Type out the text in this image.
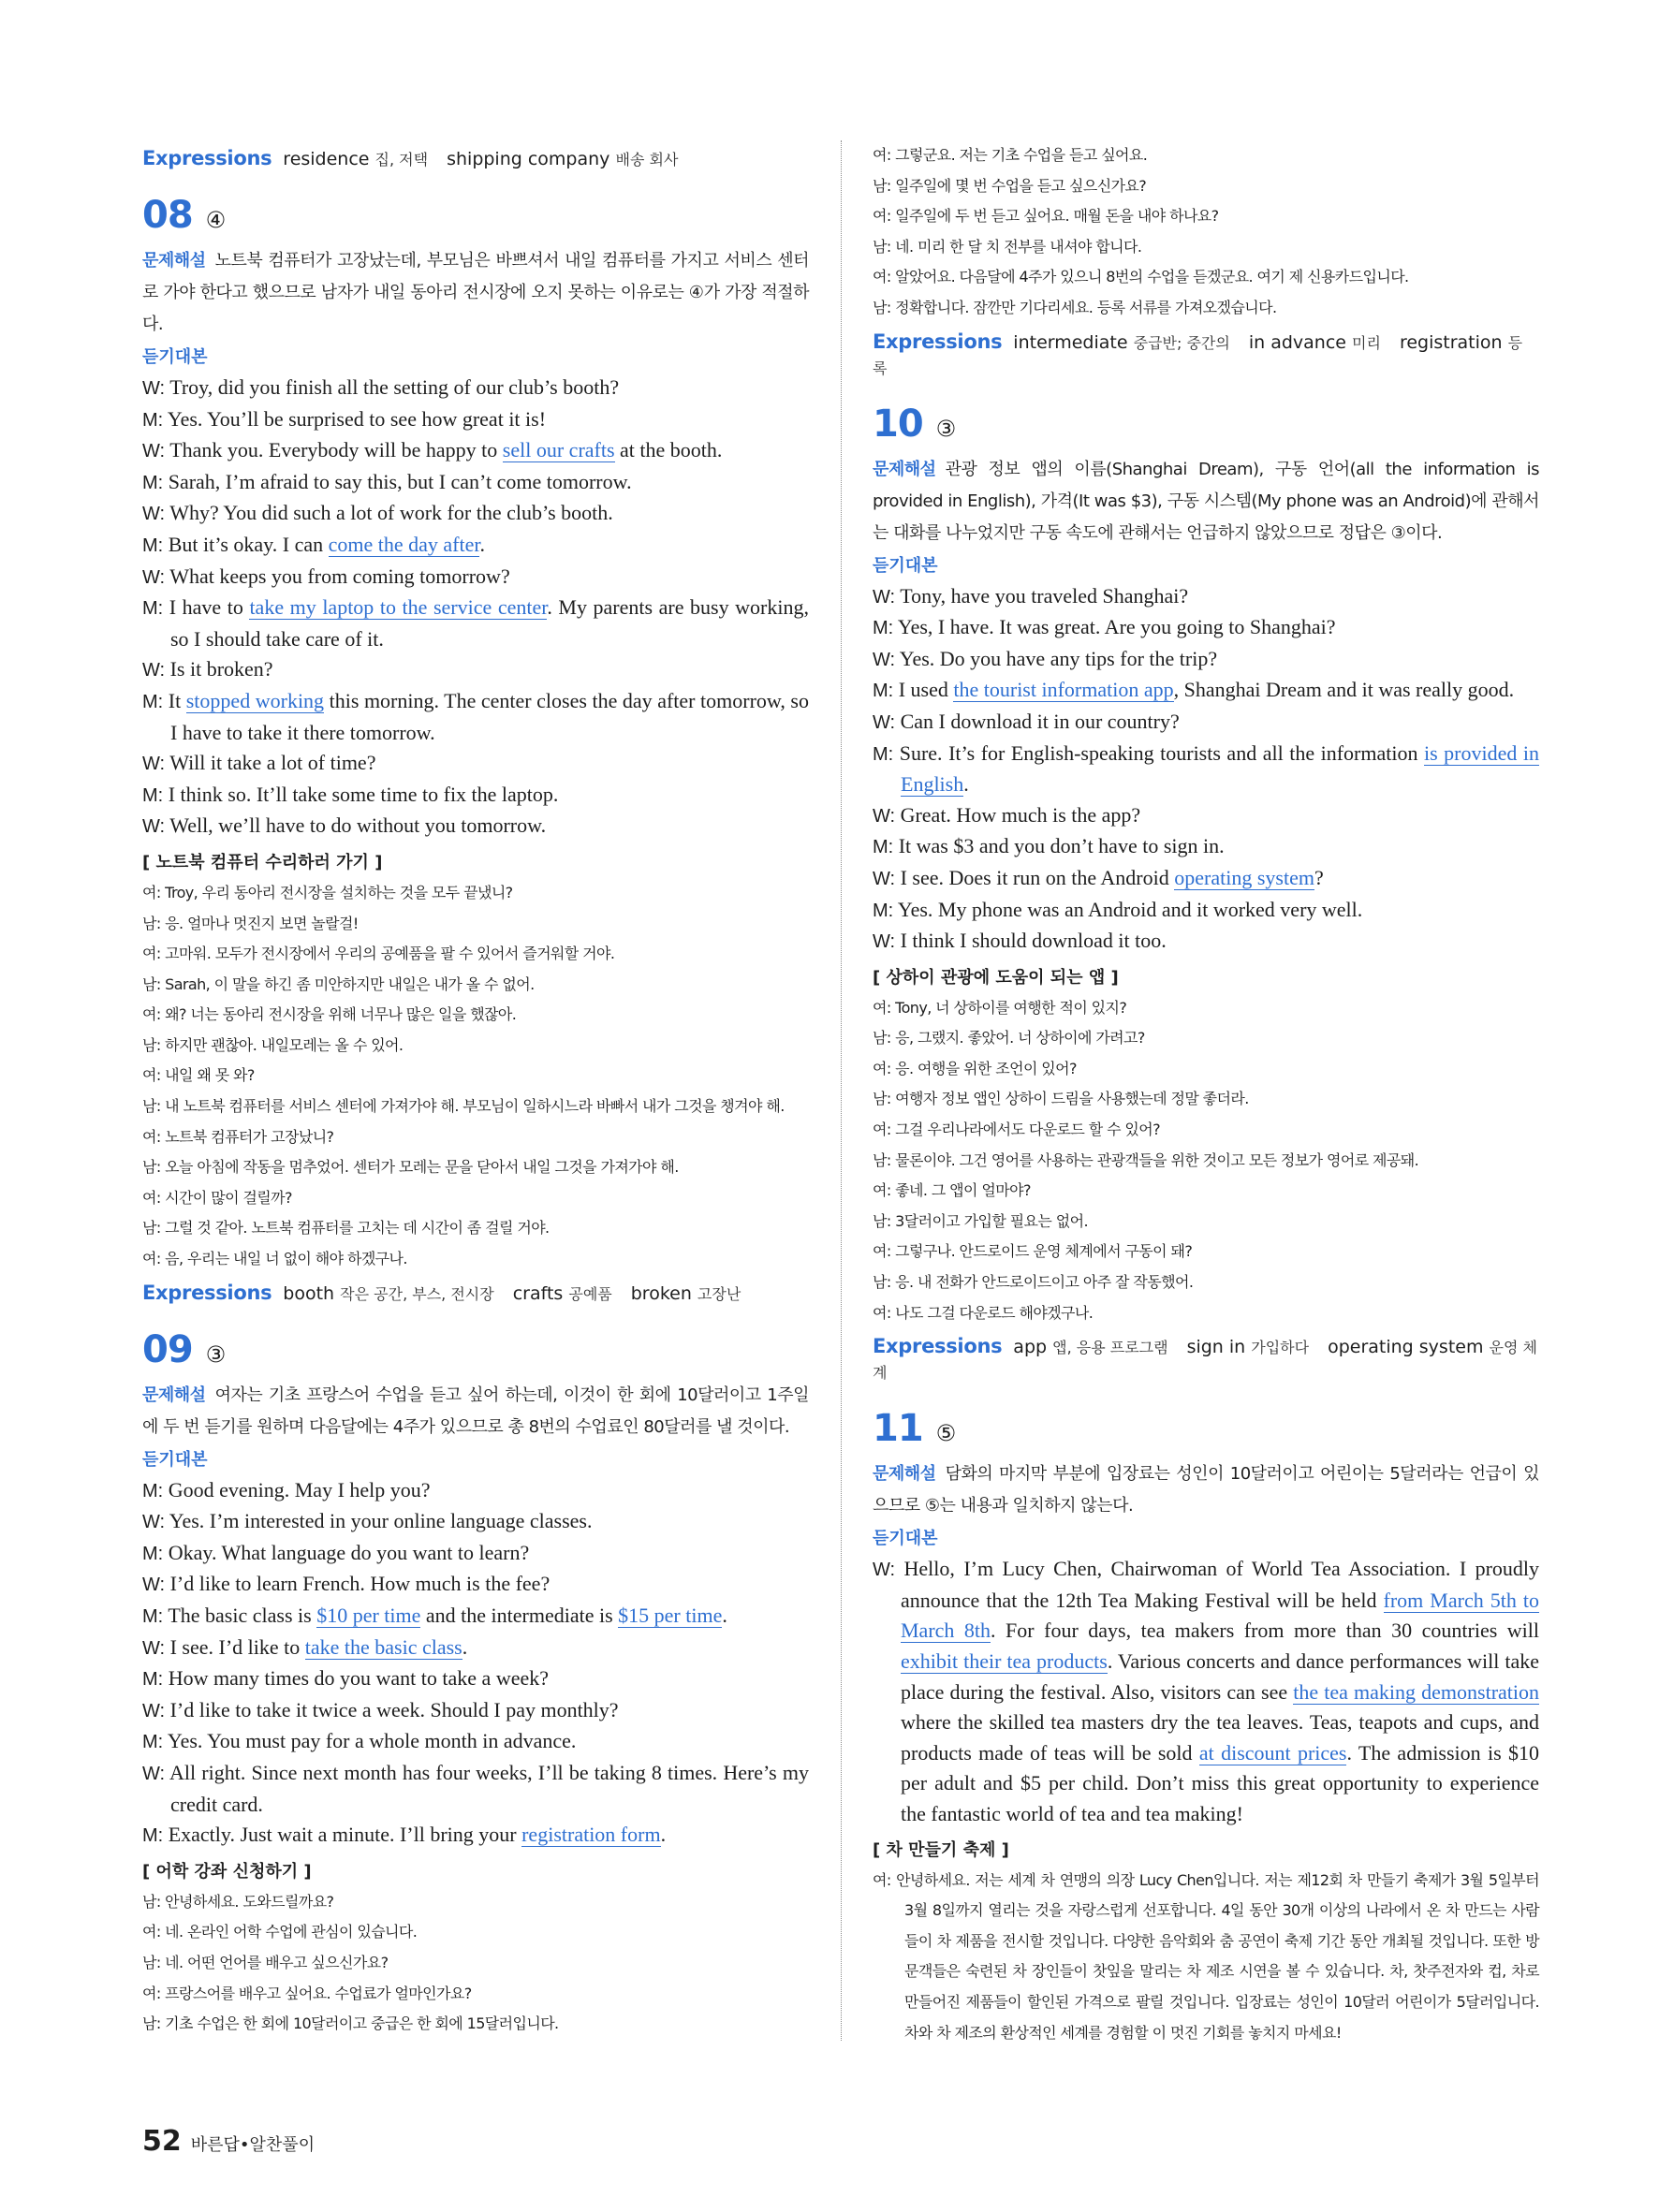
Expressions residence 집, 저택 shipping company 배송 회사
08 ④

문제해설 노트북 컴퓨터가 고장났는데, 부모님은 바쁘셔서 내일 컴퓨터를 가지고 서비스 센터로 가야 한다고 했으므로 남자가 내일 동아리 전시장에 오지 못하는 이유로는 ④가 가장 적절하다.

듣기대본
W: Troy, did you finish all the setting of our club’s booth?
M: Yes. You’ll be surprised to see how great it is!
W: Thank you. Everybody will be happy to sell our crafts at the booth.
M: Sarah, I’m afraid to say this, but I can’t come tomorrow.
W: Why? You did such a lot of work for the club’s booth.
M: But it’s okay. I can come the day after.
W: What keeps you from coming tomorrow?
M: I have to take my laptop to the service center. My parents are busy working, so I should take care of it.
W: Is it broken?
M: It stopped working this morning. The center closes the day after tomorrow, so I have to take it there tomorrow.
W: Will it take a lot of time?
M: I think so. It’ll take some time to fix the laptop.
W: Well, we’ll have to do without you tomorrow.
[ 노트북 컴퓨터 수리하러 가기 ]
여: Troy, 우리 동아리 전시장을 설치하는 것을 모두 끝냈니?
남: 응. 얼마나 멋진지 보면 놀랄걸!
여: 고마워. 모두가 전시장에서 우리의 공예품을 팔 수 있어서 즐거워할 거야.
남: Sarah, 이 말을 하긴 좀 미안하지만 내일은 내가 올 수 없어.
여: 왜? 너는 동아리 전시장을 위해 너무나 많은 일을 했잖아.
남: 하지만 괜찮아. 내일모레는 올 수 있어.
여: 내일 왜 못 와?
남: 내 노트북 컴퓨터를 서비스 센터에 가져가야 해. 부모님이 일하시느라 바빠서 내가 그것을 챙겨야 해.
여: 노트북 컴퓨터가 고장났니?
남: 오늘 아침에 작동을 멈추었어. 센터가 모레는 문을 닫아서 내일 그것을 가져가야 해.
여: 시간이 많이 걸릴까?
남: 그럴 것 같아. 노트북 컴퓨터를 고치는 데 시간이 좀 걸릴 거야.
여: 음, 우리는 내일 너 없이 해야 하겠구나.
Expressions booth 작은 공간, 부스, 전시장 crafts 공예품 broken 고장난
09 ③

문제해설 여자는 기초 프랑스어 수업을 듣고 싶어 하는데, 이것이 한 회에 10달러이고 1주일에 두 번 듣기를 원하며 다음달에는 4주가 있으므로 총 8번의 수업료인 80달러를 낼 것이다.

듣기대본
M: Good evening. May I help you?
W: Yes. I’m interested in your online language classes.
M: Okay. What language do you want to learn?
W: I’d like to learn French. How much is the fee?
M: The basic class is $10 per time and the intermediate is $15 per time.
W: I see. I’d like to take the basic class.
M: How many times do you want to take a week?
W: I’d like to take it twice a week. Should I pay monthly?
M: Yes. You must pay for a whole month in advance.
W: All right. Since next month has four weeks, I’ll be taking 8 times. Here’s my credit card.
M: Exactly. Just wait a minute. I’ll bring your registration form.
[ 어학 강좌 신청하기 ]
남: 안녕하세요. 도와드릴까요?
여: 네. 온라인 어학 수업에 관심이 있습니다.
남: 네. 어떤 언어를 배우고 싶으신가요?
여: 프랑스어를 배우고 싶어요. 수업료가 얼마인가요?
남: 기초 수업은 한 회에 10달러이고 중급은 한 회에 15달러입니다.
여: 그렇군요. 저는 기초 수업을 듣고 싶어요.
남: 일주일에 몇 번 수업을 듣고 싶으신가요?
여: 일주일에 두 번 듣고 싶어요. 매월 돈을 내야 하나요?
남: 네. 미리 한 달 치 전부를 내셔야 합니다.
여: 알았어요. 다음달에 4주가 있으니 8번의 수업을 듣겠군요. 여기 제 신용카드입니다.
남: 정확합니다. 잠깐만 기다리세요. 등록 서류를 가져오겠습니다.
Expressions intermediate 중급반; 중간의 in advance 미리 registration 등록
10 ③

문제해설 관광 정보 앱의 이름(Shanghai Dream), 구동 언어(all the information is provided in English), 가격(It was $3), 구동 시스템(My phone was an Android)에 관해서는 대화를 나누었지만 구동 속도에 관해서는 언급하지 않았으므로 정답은 ③이다.

듣기대본
W: Tony, have you traveled Shanghai?
M: Yes, I have. It was great. Are you going to Shanghai?
W: Yes. Do you have any tips for the trip?
M: I used the tourist information app, Shanghai Dream and it was really good.
W: Can I download it in our country?
M: Sure. It’s for English-speaking tourists and all the information is provided in English.
W: Great. How much is the app?
M: It was $3 and you don’t have to sign in.
W: I see. Does it run on the Android operating system?
M: Yes. My phone was an Android and it worked very well.
W: I think I should download it too.
[ 상하이 관광에 도움이 되는 앱 ]
여: Tony, 너 상하이를 여행한 적이 있지?
남: 응, 그랬지. 좋았어. 너 상하이에 가려고?
여: 응. 여행을 위한 조언이 있어?
남: 여행자 정보 앱인 상하이 드림을 사용했는데 정말 좋더라.
여: 그걸 우리나라에서도 다운로드 할 수 있어?
남: 물론이야. 그건 영어를 사용하는 관광객들을 위한 것이고 모든 정보가 영어로 제공돼.
여: 좋네. 그 앱이 얼마야?
남: 3달러이고 가입할 필요는 없어.
여: 그렇구나. 안드로이드 운영 체계에서 구동이 돼?
남: 응. 내 전화가 안드로이드이고 아주 잘 작동했어.
여: 나도 그걸 다운로드 해야겠구나.
Expressions app 앱, 응용 프로그램 sign in 가입하다 operating system 운영 체계
11 ⑤

문제해설 담화의 마지막 부분에 입장료는 성인이 10달러이고 어린이는 5달러라는 언급이 있으므로 ⑤는 내용과 일치하지 않는다.

듣기대본
W: Hello, I’m Lucy Chen, Chairwoman of World Tea Association. I proudly announce that the 12th Tea Making Festival will be held from March 5th to March 8th. For four days, tea makers from more than 30 countries will exhibit their tea products. Various concerts and dance performances will take place during the festival. Also, visitors can see the tea making demonstration where the skilled tea masters dry the tea leaves. Teas, teapots and cups, and products made of teas will be sold at discount prices. The admission is $10 per adult and $5 per child. Don’t miss this great opportunity to experience the fantastic world of tea and tea making!
[ 차 만들기 축제 ]
여: 안녕하세요. 저는 세계 차 연맹의 의장 Lucy Chen입니다. 저는 제12회 차 만들기 축제가 3월 5일부터 3월 8일까지 열리는 것을 자랑스럽게 선포합니다. 4일 동안 30개 이상의 나라에서 온 차 만드는 사람들이 차 제품을 전시할 것입니다. 다양한 음악회와 춤 공연이 축제 기간 동안 개최될 것입니다. 또한 방문객들은 숙련된 차 장인들이 찻잎을 말리는 차 제조 시연을 볼 수 있습니다. 차, 찻주전자와 컵, 차로 만들어진 제품들이 할인된 가격으로 팔릴 것입니다. 입장료는 성인이 10달러 어린이가 5달러입니다. 차와 차 제조의 환상적인 세계를 경험할 이 멋진 기회를 놓치지 마세요!
52 바른답•알찬풀이
